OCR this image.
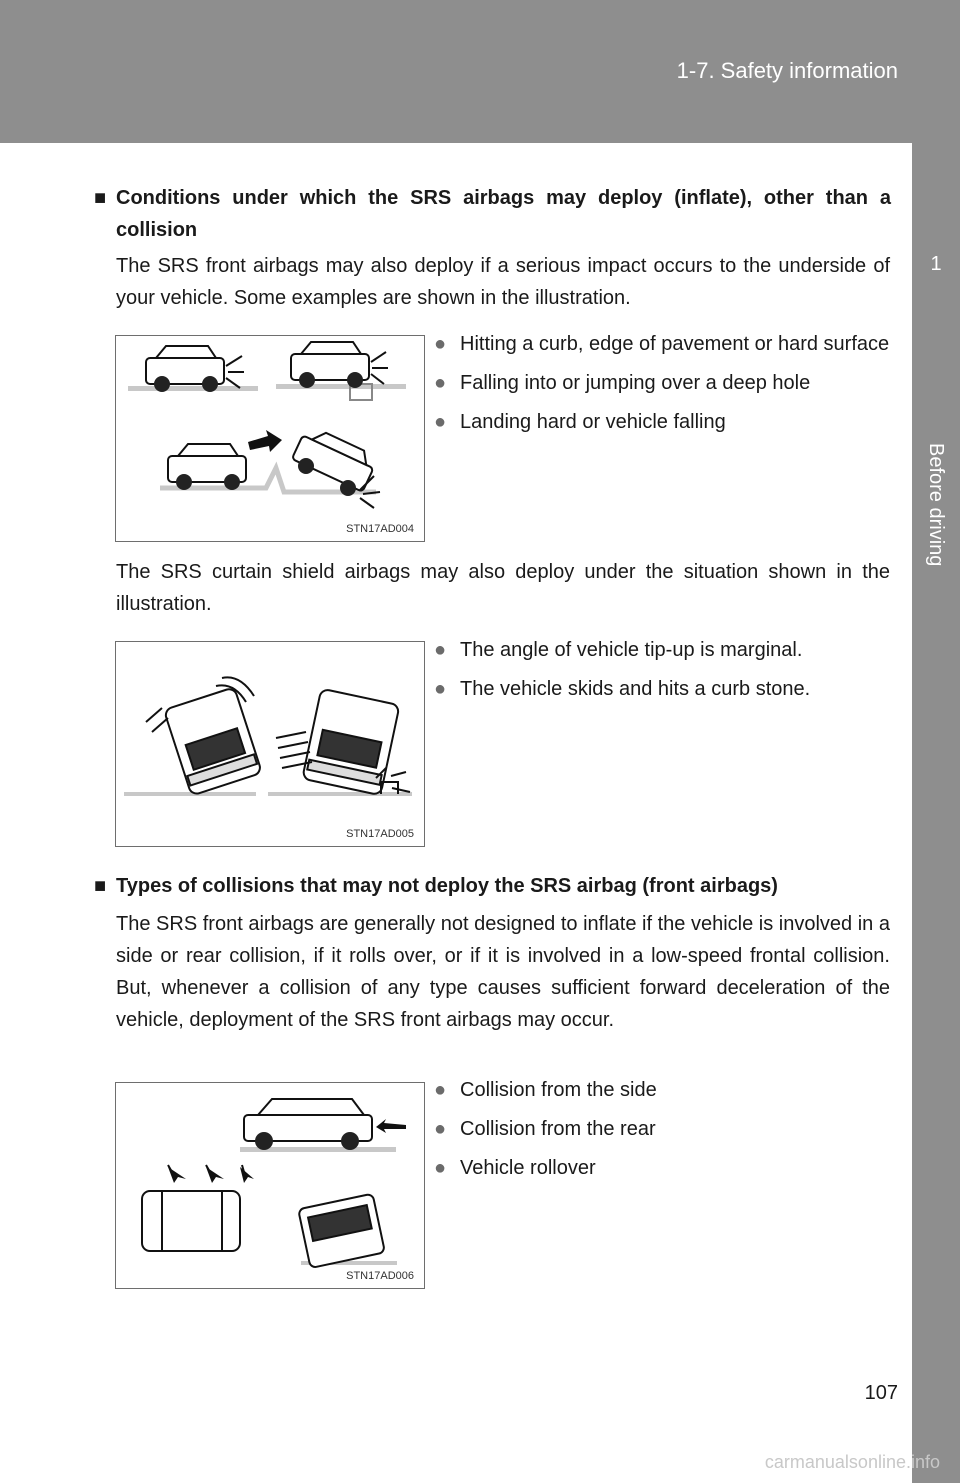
1-7. Safety information
1
Before driving
■ Conditions under which the SRS airbags may deploy (inflate), other than a collision
The SRS front airbags may also deploy if a serious impact occurs to the underside of your vehicle. Some examples are shown in the illustration.
STN17AD004
● Hitting a curb, edge of pavement or hard surface
● Falling into or jumping over a deep hole
● Landing hard or vehicle falling
The SRS curtain shield airbags may also deploy under the situation shown in the illustration.
STN17AD005
● The angle of vehicle tip-up is marginal.
● The vehicle skids and hits a curb stone.
■ Types of collisions that may not deploy the SRS airbag (front airbags)
The SRS front airbags are generally not designed to inflate if the vehicle is involved in a side or rear collision, if it rolls over, or if it is involved in a low-speed frontal collision. But, whenever a collision of any type causes sufficient forward deceleration of the vehicle, deployment of the SRS front airbags may occur.
STN17AD006
● Collision from the side
● Collision from the rear
● Vehicle rollover
107
carmanualsonline.info
